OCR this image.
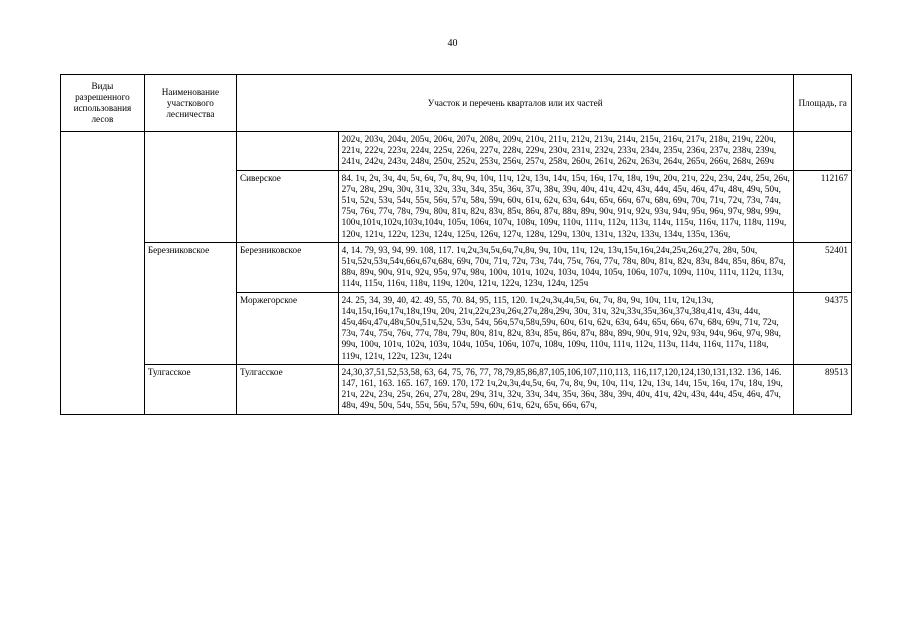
40
Виды разрешенного использования лесов	Наименование участкового лесничества	Участок и перечень кварталов или их частей		Площадь, га
			202ч, 203ч, 204ч, 205ч, 206ч, 207ч, 208ч, 209ч, 210ч, 211ч, 212ч, 213ч, 214ч, 215ч, 216ч, 217ч, 218ч, 219ч, 220ч, 221ч, 222ч, 223ч, 224ч, 225ч, 226ч, 227ч, 228ч, 229ч, 230ч, 231ч, 232ч, 233ч, 234ч, 235ч, 236ч, 237ч, 238ч, 239ч, 241ч, 242ч, 243ч, 248ч, 250ч, 252ч, 253ч, 256ч, 257ч, 258ч, 260ч, 261ч, 262ч, 263ч, 264ч, 265ч, 266ч, 268ч, 269ч	
		Сиверское	84. 1ч, 2ч, 3ч, 4ч, 5ч, 6ч, 7ч, 8ч, 9ч, 10ч, 11ч, 12ч, 13ч, 14ч, 15ч, 16ч, 17ч, 18ч, 19ч, 20ч, 21ч, 22ч, 23ч, 24ч, 25ч, 26ч, 27ч, 28ч, 29ч, 30ч, 31ч, 32ч, 33ч, 34ч, 35ч, 36ч, 37ч, 38ч, 39ч, 40ч, 41ч, 42ч, 43ч, 44ч, 45ч, 46ч, 47ч, 48ч, 49ч, 50ч, 51ч, 52ч, 53ч, 54ч, 55ч, 56ч, 57ч, 58ч, 59ч, 60ч, 61ч, 62ч, 63ч, 64ч, 65ч, 66ч, 67ч, 68ч, 69ч, 70ч, 71ч, 72ч, 73ч, 74ч, 75ч, 76ч, 77ч, 78ч, 79ч, 80ч, 81ч, 82ч, 83ч, 85ч, 86ч, 87ч, 88ч, 89ч, 90ч, 91ч, 92ч, 93ч, 94ч, 95ч, 96ч, 97ч, 98ч, 99ч, 100ч,101ч,102ч,103ч,104ч, 105ч, 106ч, 107ч, 108ч, 109ч, 110ч, 111ч, 112ч, 113ч, 114ч, 115ч, 116ч, 117ч, 118ч, 119ч, 120ч, 121ч, 122ч, 123ч, 124ч, 125ч, 126ч, 127ч, 128ч, 129ч, 130ч, 131ч, 132ч, 133ч, 134ч, 135ч, 136ч,	112167
	Березниковское	Березниковское	4, 14. 79, 93, 94, 99. 108, 117. 1ч,2ч,3ч,5ч,6ч,7ч,8ч, 9ч, 10ч, 11ч, 12ч, 13ч,15ч,16ч,24ч,25ч,26ч,27ч, 28ч, 50ч, 51ч,52ч,53ч,54ч,66ч,67ч,68ч, 69ч, 70ч, 71ч, 72ч, 73ч, 74ч, 75ч, 76ч, 77ч, 78ч, 80ч, 81ч, 82ч, 83ч, 84ч, 85ч, 86ч, 87ч, 88ч, 89ч, 90ч, 91ч, 92ч, 95ч, 97ч, 98ч, 100ч, 101ч, 102ч, 103ч, 104ч, 105ч, 106ч, 107ч, 109ч, 110ч, 111ч, 112ч, 113ч, 114ч, 115ч, 116ч, 118ч, 119ч, 120ч, 121ч, 122ч, 123ч, 124ч, 125ч	52401
		Моржегорское	24. 25, 34, 39, 40, 42. 49, 55, 70. 84, 95, 115, 120. 1ч,2ч,3ч,4ч,5ч, 6ч, 7ч, 8ч, 9ч, 10ч, 11ч, 12ч,13ч, 14ч,15ч,16ч,17ч,18ч,19ч, 20ч, 21ч,22ч,23ч,26ч,27ч,28ч,29ч, 30ч, 31ч, 32ч,33ч,35ч,36ч,37ч,38ч,41ч, 43ч, 44ч, 45ч,46ч,47ч,48ч,50ч,51ч,52ч, 53ч, 54ч, 56ч,57ч,58ч,59ч, 60ч, 61ч, 62ч, 63ч, 64ч, 65ч, 66ч, 67ч, 68ч, 69ч, 71ч, 72ч, 73ч, 74ч, 75ч, 76ч, 77ч, 78ч, 79ч, 80ч, 81ч, 82ч, 83ч, 85ч, 86ч, 87ч, 88ч, 89ч, 90ч, 91ч, 92ч, 93ч, 94ч, 96ч, 97ч, 98ч, 99ч, 100ч, 101ч, 102ч, 103ч, 104ч, 105ч, 106ч, 107ч, 108ч, 109ч, 110ч, 111ч, 112ч, 113ч, 114ч, 116ч, 117ч, 118ч, 119ч, 121ч, 122ч, 123ч, 124ч	94375
	Тулгасское	Тулгасское	24,30,37,51,52,53,58, 63, 64, 75, 76, 77, 78,79,85,86,87,105,106,107,110,113, 116,117,120,124,130,131,132. 136, 146. 147, 161, 163. 165. 167, 169. 170, 172 1ч,2ч,3ч,4ч,5ч, 6ч, 7ч, 8ч, 9ч, 10ч, 11ч, 12ч, 13ч, 14ч, 15ч, 16ч, 17ч, 18ч, 19ч, 21ч, 22ч, 23ч, 25ч, 26ч, 27ч, 28ч, 29ч, 31ч, 32ч, 33ч, 34ч, 35ч, 36ч, 38ч, 39ч, 40ч, 41ч, 42ч, 43ч, 44ч, 45ч, 46ч, 47ч, 48ч, 49ч, 50ч, 54ч, 55ч, 56ч, 57ч, 59ч, 60ч, 61ч, 62ч, 65ч, 66ч, 67ч,	89513
